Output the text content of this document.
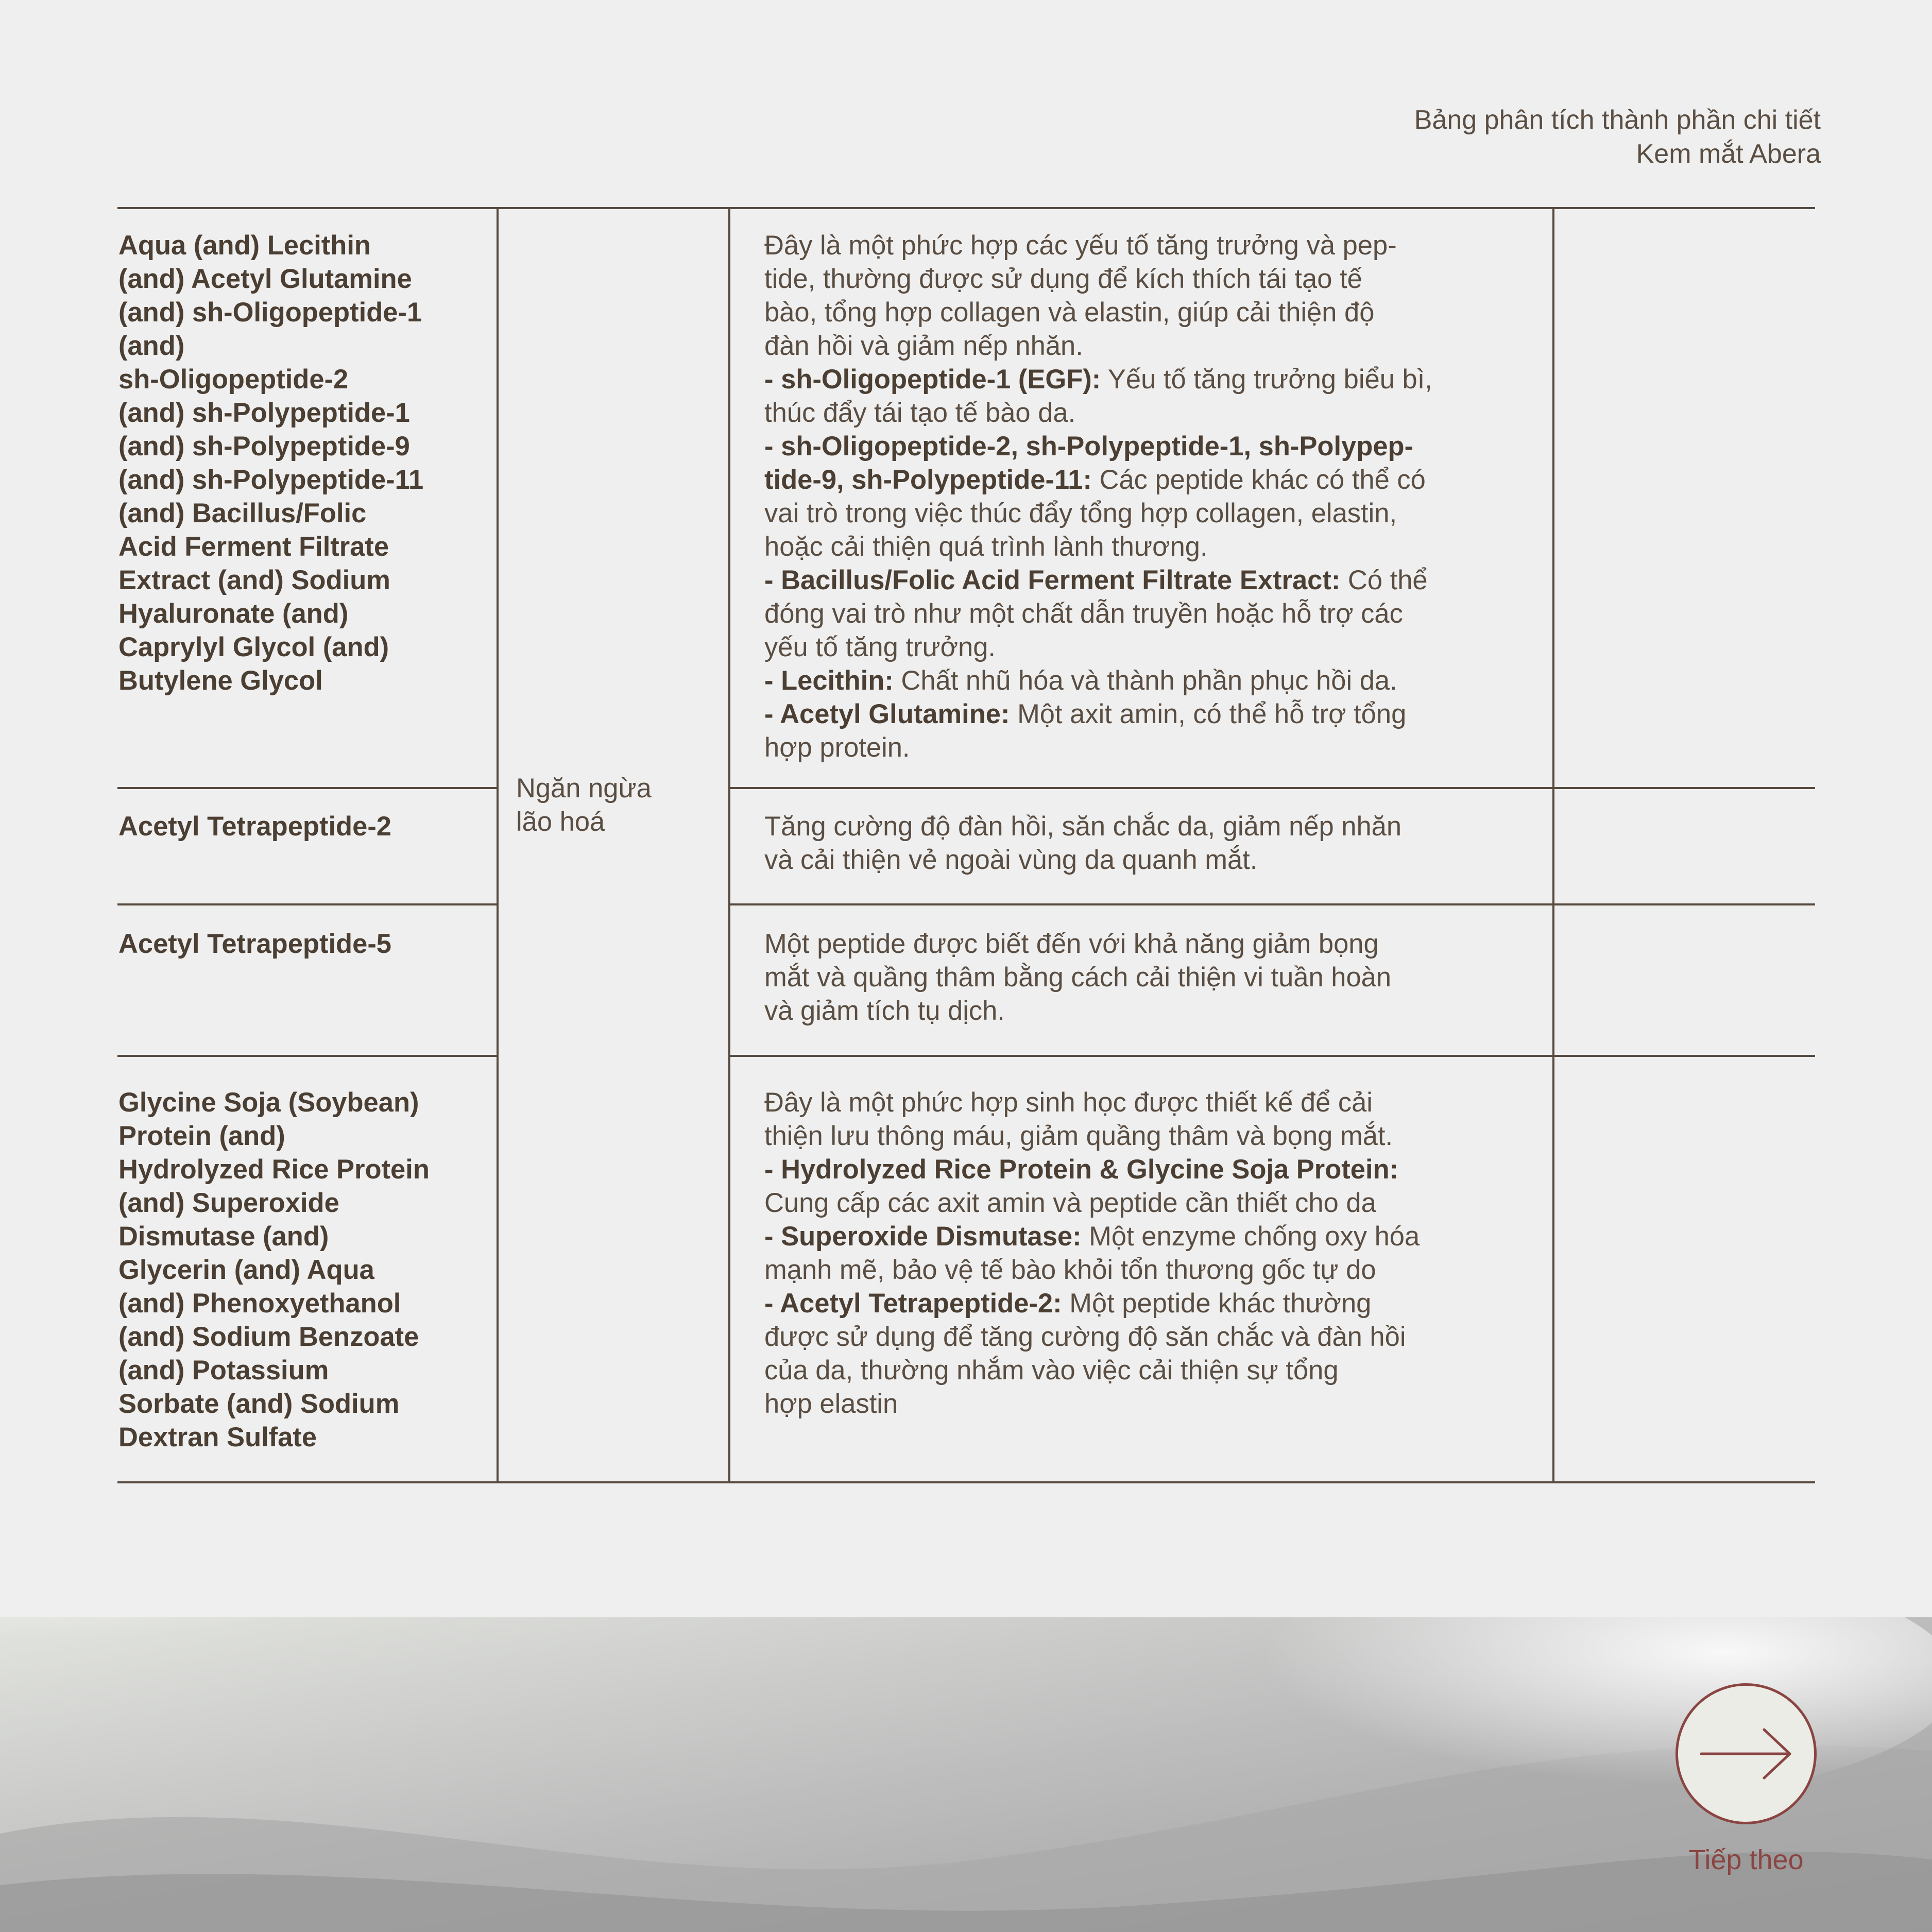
Bảng phân tích thành phần chi tiết
Kem mắt Abera
Aqua (and) Lecithin
(and) Acetyl Glutamine
(and) sh-Oligopeptide-1
(and)
sh-Oligopeptide-2
(and) sh-Polypeptide-1
(and) sh-Polypeptide-9
(and) sh-Polypeptide-11
(and) Bacillus/Folic
Acid Ferment Filtrate
Extract (and) Sodium
Hyaluronate (and)
Caprylyl Glycol (and)
Butylene Glycol
Đây là một phức hợp các yếu tố tăng trưởng và pep-
tide, thường được sử dụng để kích thích tái tạo tế
bào, tổng hợp collagen và elastin, giúp cải thiện độ
đàn hồi và giảm nếp nhăn.
- sh-Oligopeptide-1 (EGF): Yếu tố tăng trưởng biểu bì,
thúc đẩy tái tạo tế bào da.
- sh-Oligopeptide-2, sh-Polypeptide-1, sh-Polypep-
tide-9, sh-Polypeptide-11: Các peptide khác có thể có
vai trò trong việc thúc đẩy tổng hợp collagen, elastin,
hoặc cải thiện quá trình lành thương.
- Bacillus/Folic Acid Ferment Filtrate Extract: Có thể
đóng vai trò như một chất dẫn truyền hoặc hỗ trợ các
yếu tố tăng trưởng.
- Lecithin: Chất nhũ hóa và thành phần phục hồi da.
- Acetyl Glutamine: Một axit amin, có thể hỗ trợ tổng
hợp protein.
Ngăn ngừa
lão hoá
Acetyl Tetrapeptide-2	Tăng cường độ đàn hồi, săn chắc da, giảm nếp nhăn
và cải thiện vẻ ngoài vùng da quanh mắt.
Acetyl Tetrapeptide-5	Một peptide được biết đến với khả năng giảm bọng
mắt và quầng thâm bằng cách cải thiện vi tuần hoàn
và giảm tích tụ dịch.
Glycine Soja (Soybean)
Protein (and)
Hydrolyzed Rice Protein
(and) Superoxide
Dismutase (and)
Glycerin (and) Aqua
(and) Phenoxyethanol
(and) Sodium Benzoate
(and) Potassium
Sorbate (and) Sodium
Dextran Sulfate
Đây là một phức hợp sinh học được thiết kế để cải
thiện lưu thông máu, giảm quầng thâm và bọng mắt.
- Hydrolyzed Rice Protein & Glycine Soja Protein:
Cung cấp các axit amin và peptide cần thiết cho da
- Superoxide Dismutase: Một enzyme chống oxy hóa
mạnh mẽ, bảo vệ tế bào khỏi tổn thương gốc tự do
- Acetyl Tetrapeptide-2: Một peptide khác thường
được sử dụng để tăng cường độ săn chắc và đàn hồi
của da, thường nhắm vào việc cải thiện sự tổng
hợp elastin
Tiếp theo
